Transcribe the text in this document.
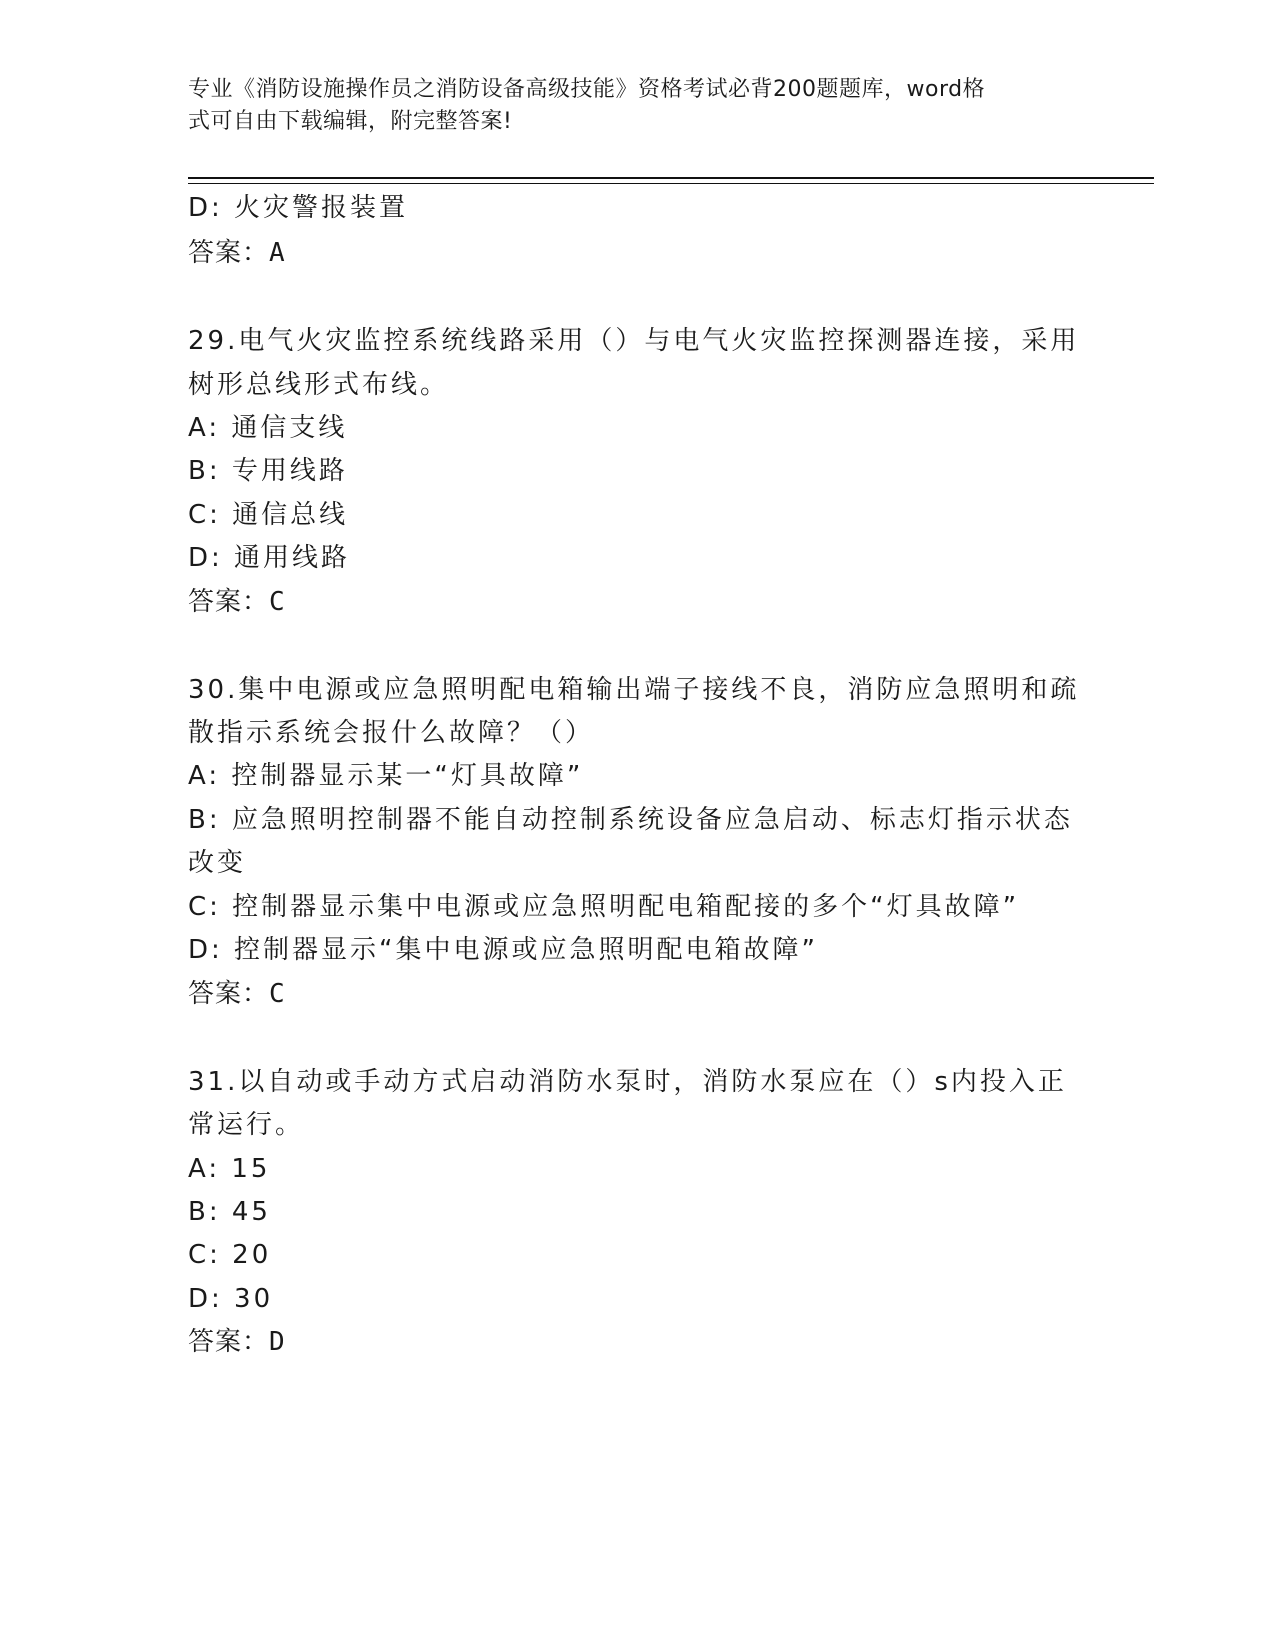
专业《消防设施操作员之消防设备高级技能》资格考试必背200题题库，word格
式可自由下载编辑，附完整答案!
D: 火灾警报装置
答案：A
29.电气火灾监控系统线路采用（）与电气火灾监控探测器连接，采用
树形总线形式布线。
A: 通信支线
B: 专用线路
C: 通信总线
D: 通用线路
答案：C
30.集中电源或应急照明配电箱输出端子接线不良，消防应急照明和疏
散指示系统会报什么故障？（）
A: 控制器显示某一“灯具故障”
B: 应急照明控制器不能自动控制系统设备应急启动、标志灯指示状态
改变
C: 控制器显示集中电源或应急照明配电箱配接的多个“灯具故障”
D: 控制器显示“集中电源或应急照明配电箱故障”
答案：C
31.以自动或手动方式启动消防水泵时，消防水泵应在（）s内投入正
常运行。
A: 15
B: 45
C: 20
D: 30
答案：D
